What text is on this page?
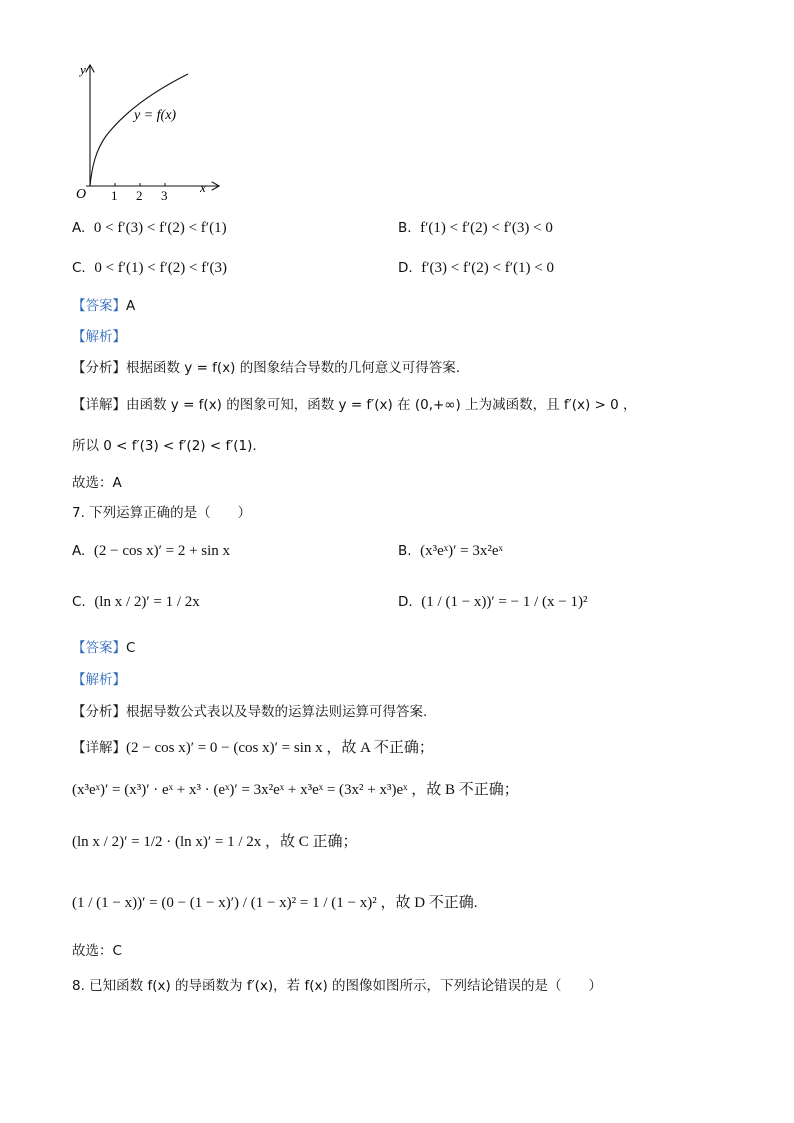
y
x
O 1 2 3
y = f(x)
A. 0 < f′(3) < f′(2) < f′(1)	B. f′(1) < f′(2) < f′(3) < 0
C. 0 < f′(1) < f′(2) < f′(3)	D. f′(3) < f′(2) < f′(1) < 0
【答案】A
【解析】
【分析】根据函数 y = f(x) 的图象结合导数的几何意义可得答案.
【详解】由函数 y = f(x) 的图象可知，函数 y = f′(x) 在 (0,+∞) 上为减函数，且 f′(x) > 0 ，
所以 0 < f′(3) < f′(2) < f′(1).
故选：A
7. 下列运算正确的是（　　）
A. (2 − cos x)′ = 2 + sin x	B. (x³eˣ)′ = 3x²eˣ
C. (ln x / 2)′ = 1 / 2x	D. (1 / (1 − x))′ = − 1 / (x − 1)²
【答案】C
【解析】
【分析】根据导数公式表以及导数的运算法则运算可得答案.
【详解】(2 − cos x)′ = 0 − (cos x)′ = sin x ，故 A 不正确；
(x³eˣ)′ = (x³)′ · eˣ + x³ · (eˣ)′ = 3x²eˣ + x³eˣ = (3x² + x³)eˣ ，故 B 不正确；
(ln x / 2)′ = 1/2 · (ln x)′ = 1 / 2x ，故 C 正确；
(1 / (1 − x))′ = (0 − (1 − x)′) / (1 − x)² = 1 / (1 − x)² ，故 D 不正确.
故选：C
8. 已知函数 f(x) 的导函数为 f′(x)，若 f(x) 的图像如图所示，下列结论错误的是（　　）
